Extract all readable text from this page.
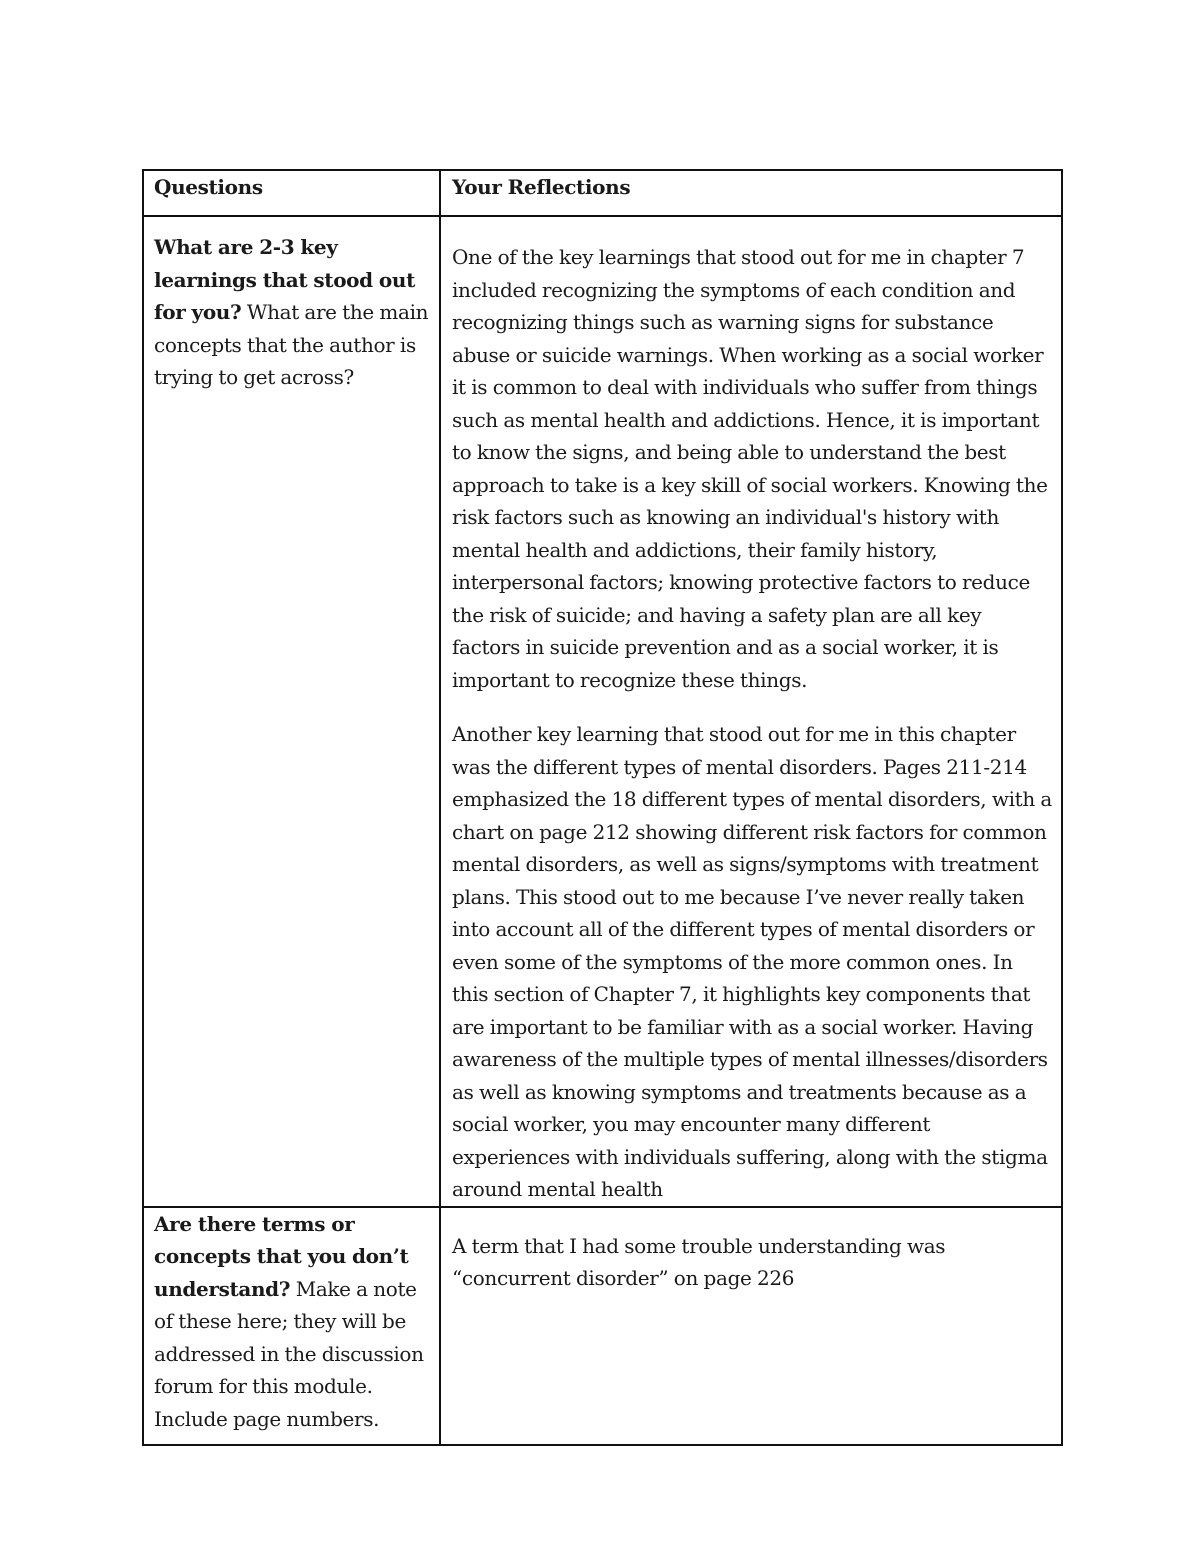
Questions	Your Reflections
What are 2-3 key learnings that stood out for you? What are the main concepts that the author is trying to get across?	One of the key learnings that stood out for me in chapter 7 included recognizing the symptoms of each condition and recognizing things such as warning signs for substance abuse or suicide warnings. When working as a social worker it is common to deal with individuals who suffer from things such as mental health and addictions. Hence, it is important to know the signs, and being able to understand the best approach to take is a key skill of social workers. Knowing the risk factors such as knowing an individual's history with mental health and addictions, their family history, interpersonal factors; knowing protective factors to reduce the risk of suicide; and having a safety plan are all key factors in suicide prevention and as a social worker, it is important to recognize these things.

Another key learning that stood out for me in this chapter was the different types of mental disorders. Pages 211-214 emphasized the 18 different types of mental disorders, with a chart on page 212 showing different risk factors for common mental disorders, as well as signs/symptoms with treatment plans. This stood out to me because I’ve never really taken into account all of the different types of mental disorders or even some of the symptoms of the more common ones. In this section of Chapter 7, it highlights key components that are important to be familiar with as a social worker. Having awareness of the multiple types of mental illnesses/disorders as well as knowing symptoms and treatments because as a social worker, you may encounter many different experiences with individuals suffering, along with the stigma around mental health

Are there terms or concepts that you don’t understand? Make a note of these here; they will be addressed in the discussion forum for this module. Include page numbers.	A term that I had some trouble understanding was “concurrent disorder” on page 226
